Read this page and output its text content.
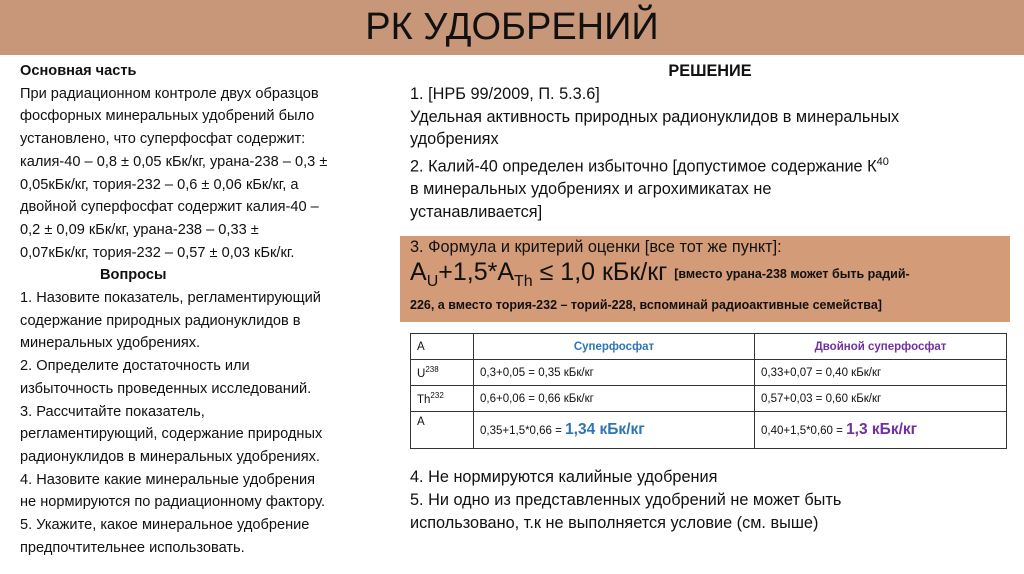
РК УДОБРЕНИЙ
Основная часть
При радиационном контроле двух образцов
фосфорных минеральных удобрений было
установлено, что суперфосфат содержит:
калия-40 – 0,8 ± 0,05 кБк/кг, урана-238 – 0,3 ±
0,05кБк/кг, тория-232 – 0,6 ± 0,06 кБк/кг, а
двойной суперфосфат содержит калия-40 –
0,2 ± 0,09 кБк/кг, урана-238 – 0,33 ±
0,07кБк/кг, тория-232 – 0,57 ± 0,03 кБк/кг.
Вопросы
1. Назовите показатель, регламентирующий
содержание природных радионуклидов в
минеральных удобрениях.
2. Определите достаточность или
избыточность проведенных исследований.
3. Рассчитайте показатель,
регламентирующий, содержание природных
радионуклидов в минеральных удобрениях.
4. Назовите какие минеральные удобрения
не нормируются по радиационному фактору.
5. Укажите, какое минеральное удобрение
предпочтительнее использовать.
РЕШЕНИЕ
1. [НРБ 99/2009, П. 5.3.6]
Удельная активность природных радионуклидов в минеральных
удобрениях
2. Калий-40 определен избыточно [допустимое содержание $К^{40}$
в минеральных удобрениях и агрохимикатах не
устанавливается]
3. Формула и критерий оценки [все тот же пункт]:
$A_U+1,5*A_{Th} \le 1,0$ кБк/кг [вместо урана-238 может быть радий-
226, а вместо тория-232 – торий-228, вспоминай радиоактивные семейства]
A	Суперфосфат	Двойной суперфосфат
$U^{238}$	0,3+0,05 = 0,35 кБк/кг	0,33+0,07 = 0,40 кБк/кг
Th$^{232}$	0,6+0,06 = 0,66 кБк/кг	0,57+0,03 = 0,60 кБк/кг
A	0,35+1,5*0,66 = 1,34 кБк/кг	0,40+1,5*0,60 = 1,3 кБк/кг
4. Не нормируются калийные удобрения
5. Ни одно из представленных удобрений не может быть
использовано, т.к не выполняется условие (см. выше)
